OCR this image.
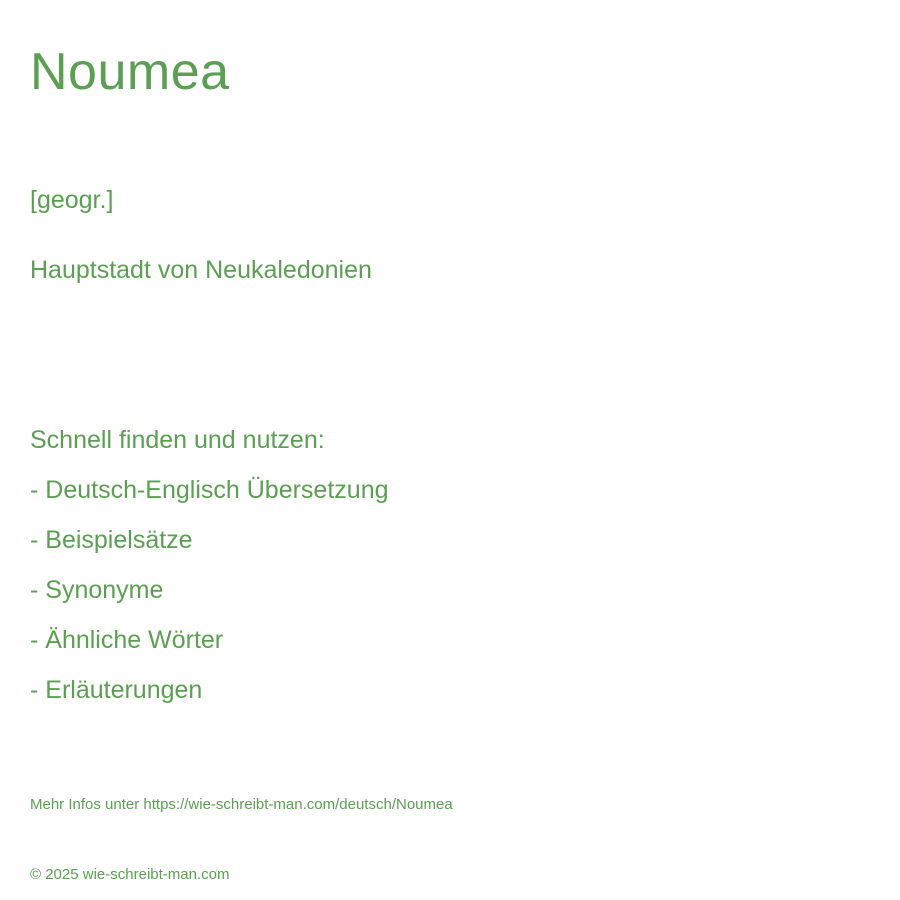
Noumea

[geogr.]

Hauptstadt von Neukaledonien

Schnell finden und nutzen:

- Deutsch-Englisch Übersetzung

- Beispielsätze

- Synonyme

- Ähnliche Wörter

- Erläuterungen

Mehr Infos unter https://wie-schreibt-man.com/deutsch/Noumea

© 2025 wie-schreibt-man.com
